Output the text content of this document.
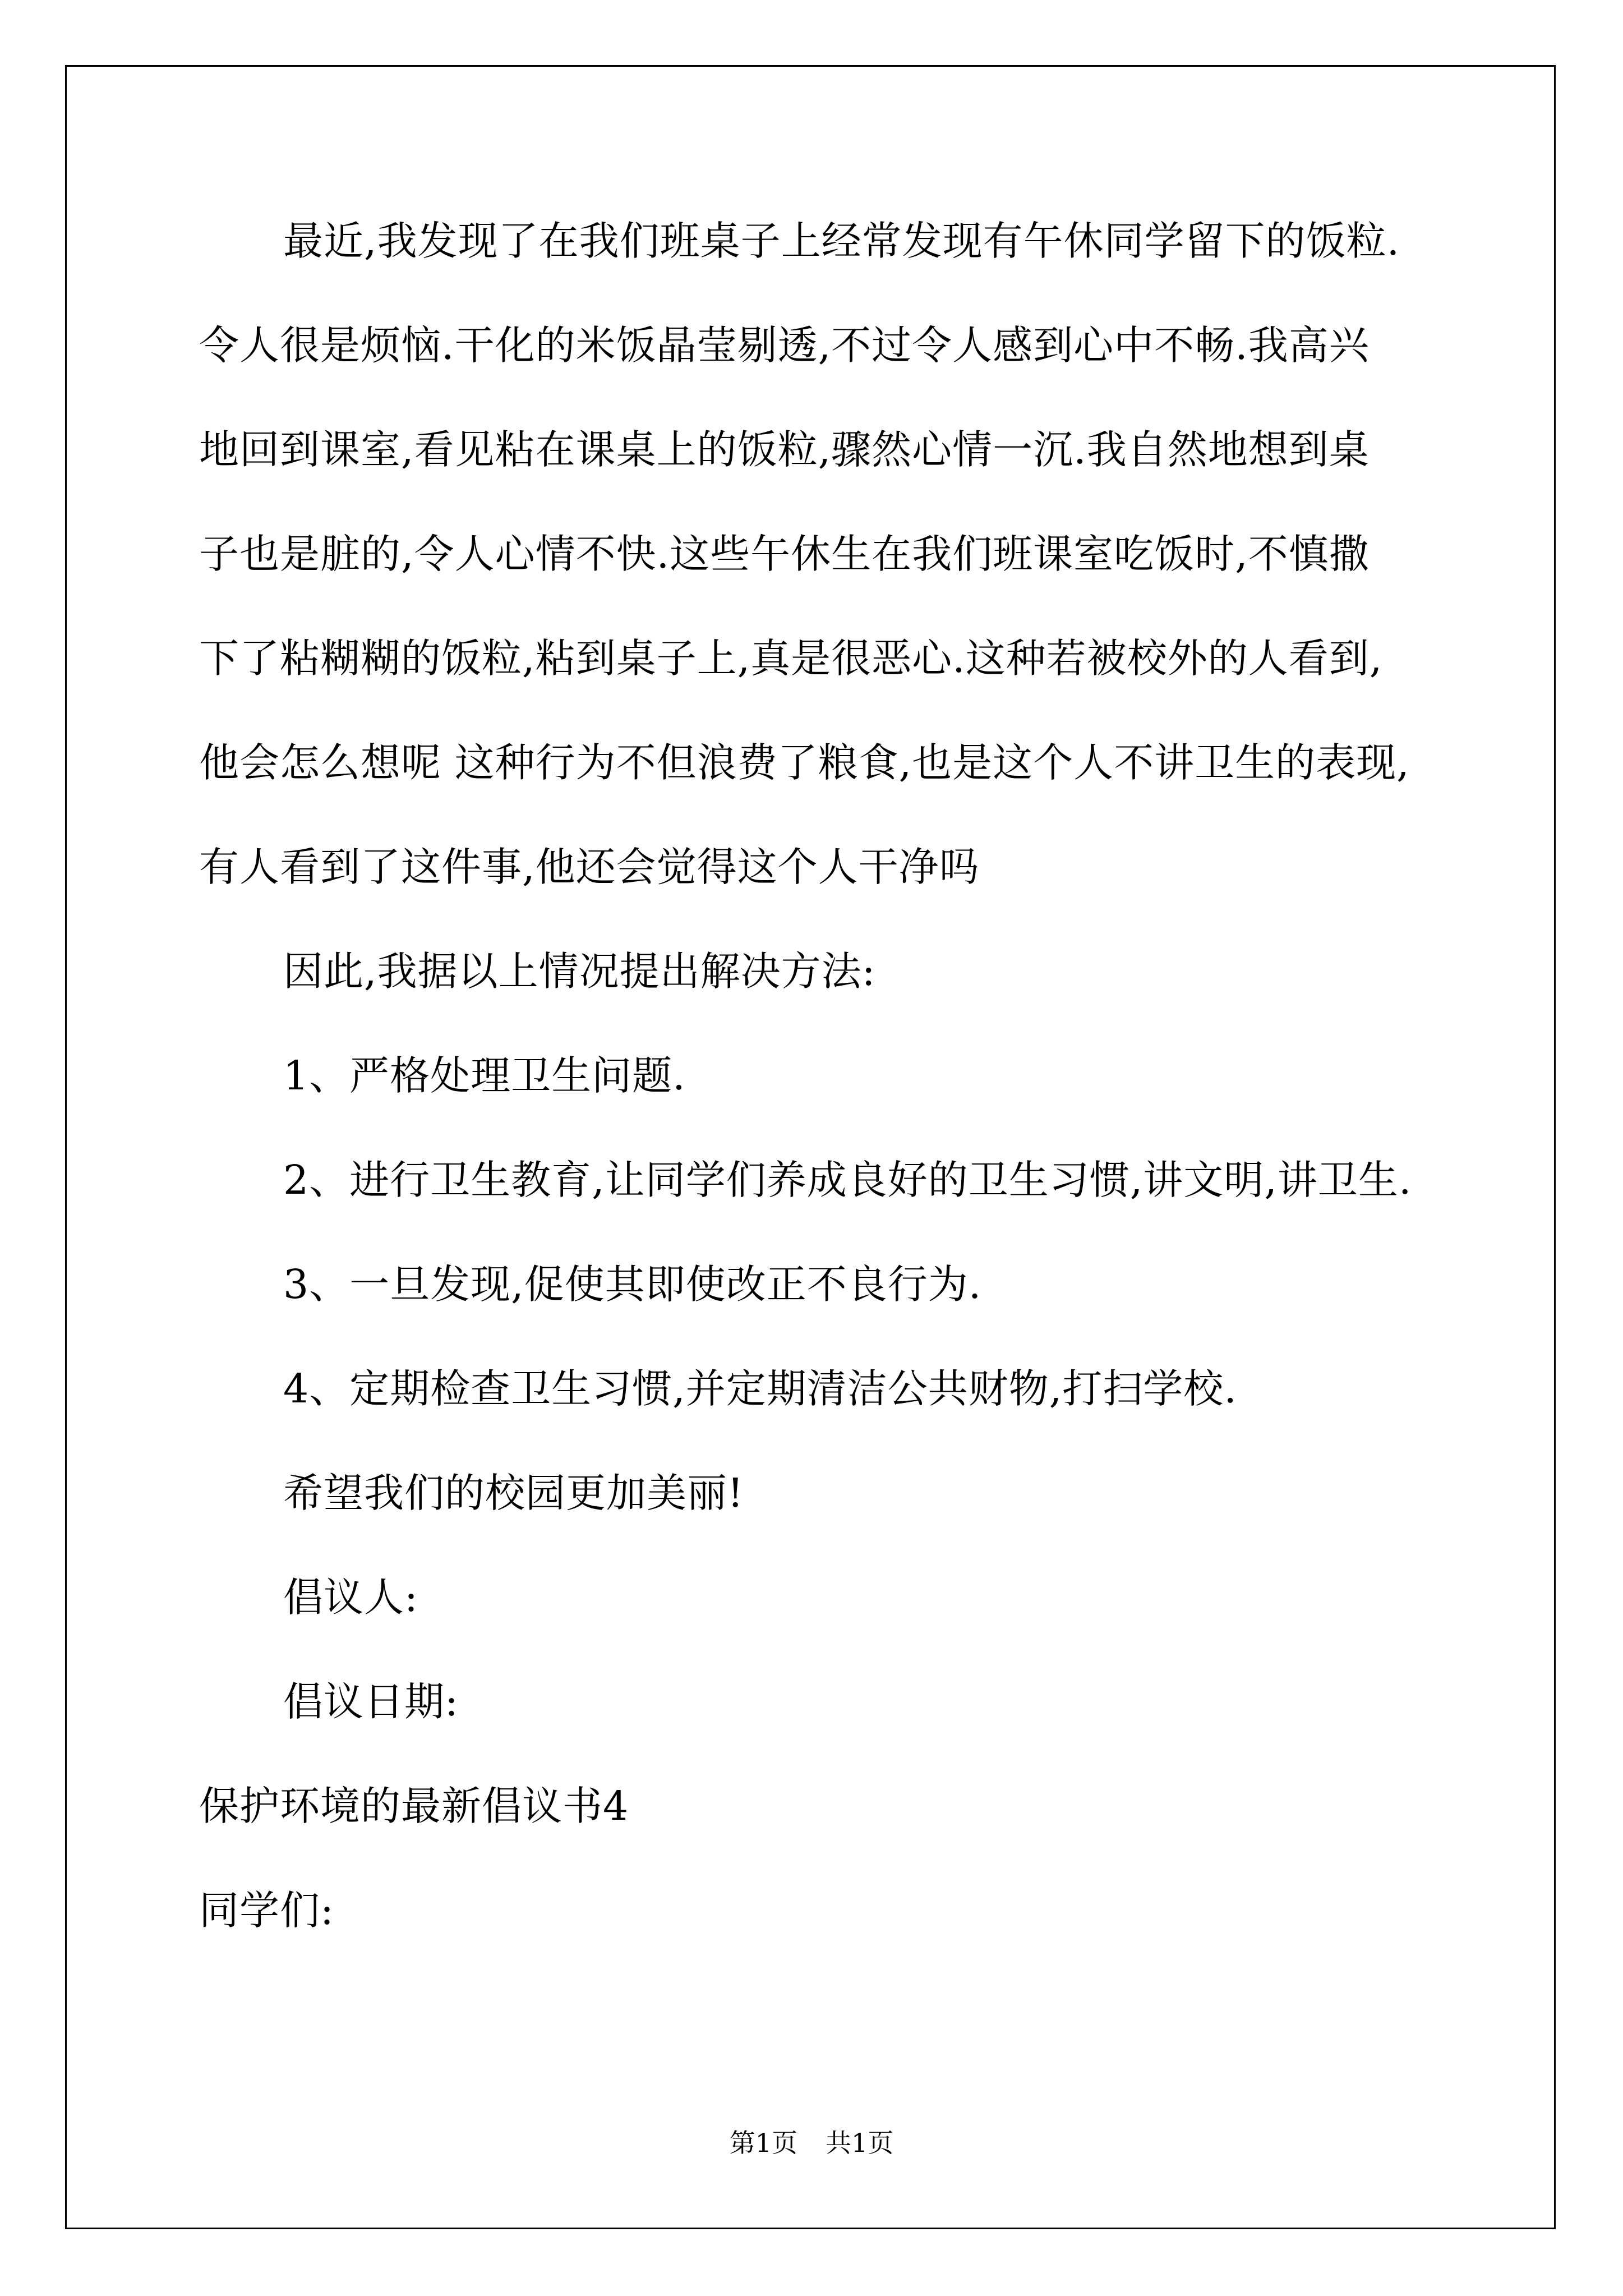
最近,我发现了在我们班桌子上经常发现有午休同学留下的饭粒.
令人很是烦恼.干化的米饭晶莹剔透,不过令人感到心中不畅.我高兴
地回到课室,看见粘在课桌上的饭粒,骤然心情一沉.我自然地想到桌
子也是脏的,令人心情不快.这些午休生在我们班课室吃饭时,不慎撒
下了粘糊糊的饭粒,粘到桌子上,真是很恶心.这种若被校外的人看到,
他会怎么想呢 这种行为不但浪费了粮食,也是这个人不讲卫生的表现,
有人看到了这件事,他还会觉得这个人干净吗
因此,我据以上情况提出解决方法:
1、严格处理卫生问题.
2、进行卫生教育,让同学们养成良好的卫生习惯,讲文明,讲卫生.
3、一旦发现,促使其即使改正不良行为.
4、定期检查卫生习惯,并定期清洁公共财物,打扫学校.
希望我们的校园更加美丽!
倡议人:
倡议日期:
保护环境的最新倡议书4
同学们:
第1页 共1页
